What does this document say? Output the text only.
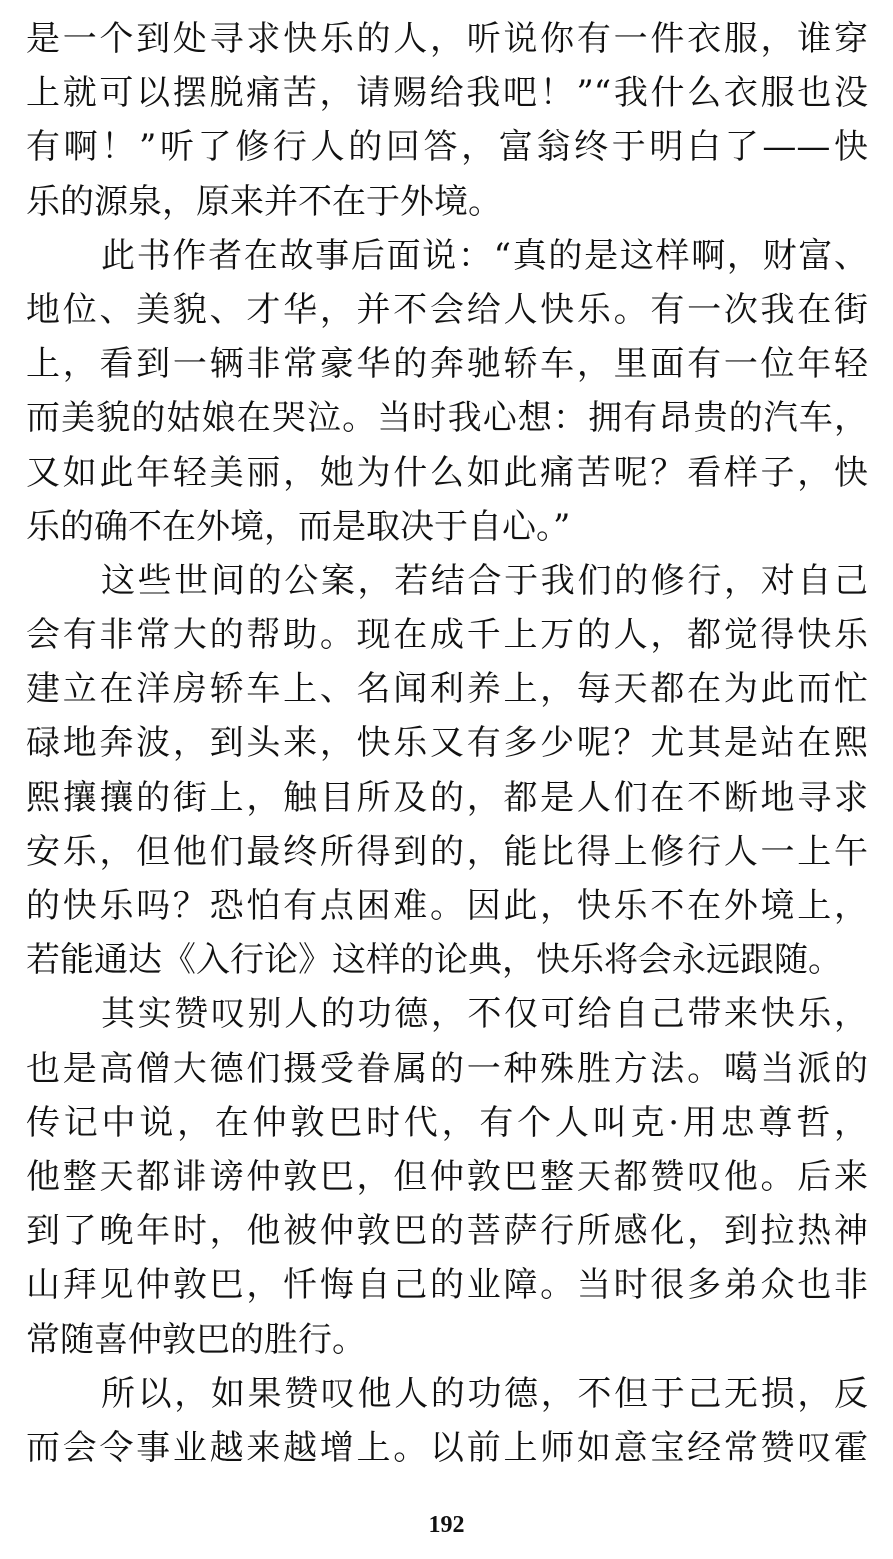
是一个到处寻求快乐的人，听说你有一件衣服，谁穿
上就可以摆脱痛苦，请赐给我吧！”“我什么衣服也没
有啊！”听了修行人的回答，富翁终于明白了——快
乐的源泉，原来并不在于外境。
此书作者在故事后面说：“真的是这样啊，财富、
地位、美貌、才华，并不会给人快乐。有一次我在街
上，看到一辆非常豪华的奔驰轿车，里面有一位年轻
而美貌的姑娘在哭泣。当时我心想：拥有昂贵的汽车，
又如此年轻美丽，她为什么如此痛苦呢？看样子，快
乐的确不在外境，而是取决于自心。”
这些世间的公案，若结合于我们的修行，对自己
会有非常大的帮助。现在成千上万的人，都觉得快乐
建立在洋房轿车上、名闻利养上，每天都在为此而忙
碌地奔波，到头来，快乐又有多少呢？尤其是站在熙
熙攘攘的街上，触目所及的，都是人们在不断地寻求
安乐，但他们最终所得到的，能比得上修行人一上午
的快乐吗？恐怕有点困难。因此，快乐不在外境上，
若能通达《入行论》这样的论典，快乐将会永远跟随。
其实赞叹别人的功德，不仅可给自己带来快乐，
也是高僧大德们摄受眷属的一种殊胜方法。噶当派的
传记中说，在仲敦巴时代，有个人叫克·用忠尊哲，
他整天都诽谤仲敦巴，但仲敦巴整天都赞叹他。后来
到了晚年时，他被仲敦巴的菩萨行所感化，到拉热神
山拜见仲敦巴，忏悔自己的业障。当时很多弟众也非
常随喜仲敦巴的胜行。
所以，如果赞叹他人的功德，不但于己无损，反
而会令事业越来越增上。以前上师如意宝经常赞叹霍
192
